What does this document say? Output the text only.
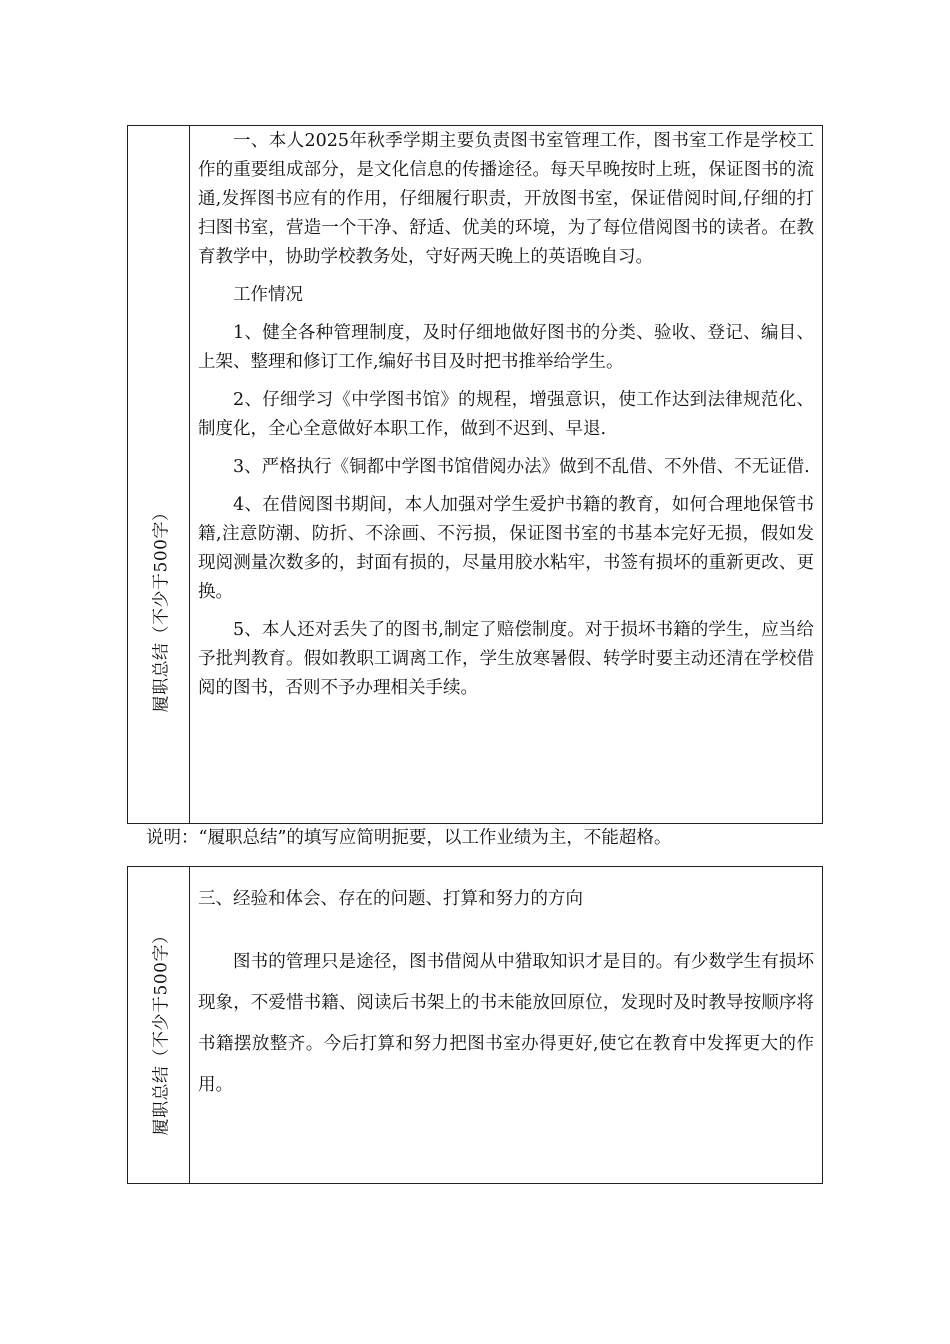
履职总结（不少于500字）

一、本人2025年秋季学期主要负责图书室管理工作，图书室工作是学校工作的重要组成部分，是文化信息的传播途径。每天早晚按时上班，保证图书的流通,发挥图书应有的作用，仔细履行职责，开放图书室，保证借阅时间,仔细的打扫图书室，营造一个干净、舒适、优美的环境，为了每位借阅图书的读者。在教育教学中，协助学校教务处，守好两天晚上的英语晚自习。

工作情况

1、健全各种管理制度，及时仔细地做好图书的分类、验收、登记、编目、上架、整理和修订工作,编好书目及时把书推举给学生。

2、仔细学习《中学图书馆》的规程，增强意识，使工作达到法律规范化、制度化，全心全意做好本职工作，做到不迟到、早退.

3、严格执行《铜都中学图书馆借阅办法》做到不乱借、不外借、不无证借.

4、在借阅图书期间，本人加强对学生爱护书籍的教育，如何合理地保管书籍,注意防潮、防折、不涂画、不污损，保证图书室的书基本完好无损，假如发现阅测量次数多的，封面有损的，尽量用胶水粘牢，书签有损坏的重新更改、更换。

5、本人还对丢失了的图书,制定了赔偿制度。对于损坏书籍的学生，应当给予批判教育。假如教职工调离工作，学生放寒暑假、转学时要主动还清在学校借阅的图书，否则不予办理相关手续。

说明：“履职总结”的填写应简明扼要，以工作业绩为主，不能超格。
履职总结（不少于500字）

三、经验和体会、存在的问题、打算和努力的方向

图书的管理只是途径，图书借阅从中猎取知识才是目的。有少数学生有损坏现象，不爱惜书籍、阅读后书架上的书未能放回原位，发现时及时教导按顺序将书籍摆放整齐。今后打算和努力把图书室办得更好,使它在教育中发挥更大的作用。
